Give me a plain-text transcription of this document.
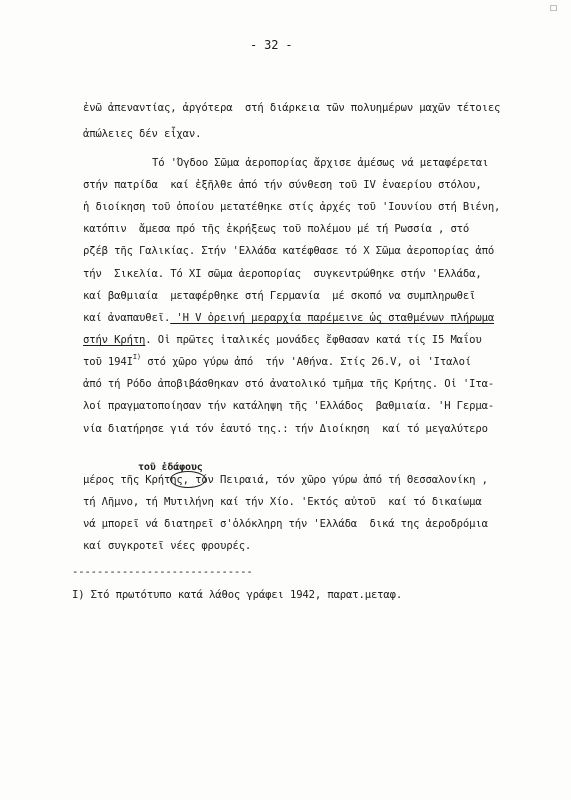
☐
- 32 -
ἐνῶ ἀπεναντίας, ἀργότερα  στή διάρκεια τῶν πολυημέρων μαχῶν τέτοιες
ἀπώλειες δέν εἶχαν.
Τό 'Όγδοο Σῶμα ἀεροπορίας ἄρχισε ἀμέσως νά μεταφέρεται
στήν πατρίδα  καί ἐξῆλθε ἀπό τήν σύνθεση τοῦ IV ἐναερίου στόλου,
ἡ διοίκηση τοῦ ὁποίου μετατέθηκε στίς ἀρχές τοῦ 'Ιουνίου στή Βιένη,
κατόπιν  ἄμεσα πρό τῆς ἐκρήξεως τοῦ πολέμου μέ τή Ρωσσία , στό
ρζέβ τῆς Γαλικίας. Στήν 'Ελλάδα κατέφθασε τό Χ Σῶμα ἀεροπορίας ἀπό
τήν  Σικελία. Τό ΧΙ σῶμα ἀεροπορίας  συγκεντρώθηκε στήν 'Ελλάδα,
καί βαθμιαία  μεταφέρθηκε στή Γερμανία  μέ σκοπό να συμπληρωθεῖ
καί ἀναπαυθεῖ. 'Η V ὀρεινή μεραρχία παρέμεινε ὡς σταθμένων πλήρωμα
στήν Κρήτη. Οἱ πρῶτες ἰταλικές μονάδες ἔφθασαν κατά τίς Ι5 Μαΐου
τοῦ $194I^{I)}$ στό χῶρο γύρω ἀπό  τήν 'Αθήνα. Στίς 26.V, οἱ 'Ιταλοί
ἀπό τή Ρόδο ἀποβιβάσθηκαν στό ἀνατολικό τμῆμα τῆς Κρήτης. Οἱ 'Ιτα-
λοί πραγματοποίησαν τήν κατάληψη τῆς 'Ελλάδος  βαθμιαία. 'Η Γερμα-
νία διατήρησε γιά τόν ἑαυτό της.: τήν Διοίκηση  καί τό μεγαλύτερο
μέρος τῆς Κρήτης, τόν Πειραιά, τόν χῶρο γύρω ἀπό τή Θεσσαλονίκη ,
τή Λῆμνο, τή Μυτιλήνη καί τήν Χίο. 'Εκτός αὐτοῦ  καί τό δικαίωμα
νά μπορεῖ νά διατηρεῖ σ'ὁλόκληρη τήν 'Ελλάδα  δικά της ἀεροδρόμια
καί συγκροτεῖ νέες φρουρές.
τοῦ ἐδάφους
-----------------------------
Ι) Στό πρωτότυπο κατά λάθος γράφει 1942, παρατ.μεταφ.
